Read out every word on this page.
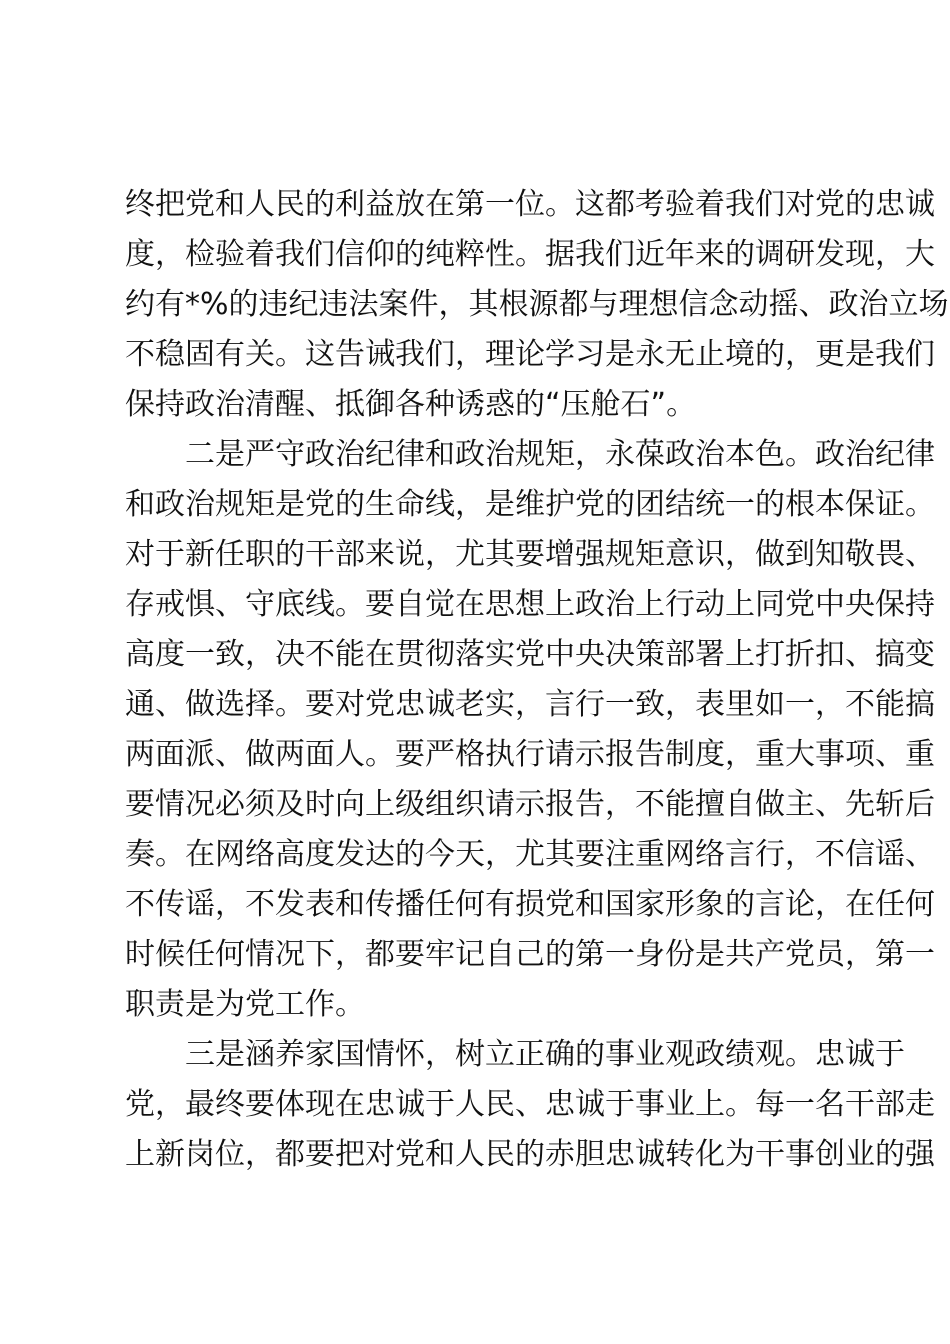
终把党和人民的利益放在第一位。这都考验着我们对党的忠诚
度，检验着我们信仰的纯粹性。据我们近年来的调研发现，大
约有*%的违纪违法案件，其根源都与理想信念动摇、政治立场
不稳固有关。这告诫我们，理论学习是永无止境的，更是我们
保持政治清醒、抵御各种诱惑的“压舱石”。
二是严守政治纪律和政治规矩，永葆政治本色。政治纪律
和政治规矩是党的生命线，是维护党的团结统一的根本保证。
对于新任职的干部来说，尤其要增强规矩意识，做到知敬畏、
存戒惧、守底线。要自觉在思想上政治上行动上同党中央保持
高度一致，决不能在贯彻落实党中央决策部署上打折扣、搞变
通、做选择。要对党忠诚老实，言行一致，表里如一，不能搞
两面派、做两面人。要严格执行请示报告制度，重大事项、重
要情况必须及时向上级组织请示报告，不能擅自做主、先斩后
奏。在网络高度发达的今天，尤其要注重网络言行，不信谣、
不传谣，不发表和传播任何有损党和国家形象的言论，在任何
时候任何情况下，都要牢记自己的第一身份是共产党员，第一
职责是为党工作。
三是涵养家国情怀，树立正确的事业观政绩观。忠诚于
党，最终要体现在忠诚于人民、忠诚于事业上。每一名干部走
上新岗位，都要把对党和人民的赤胆忠诚转化为干事创业的强
